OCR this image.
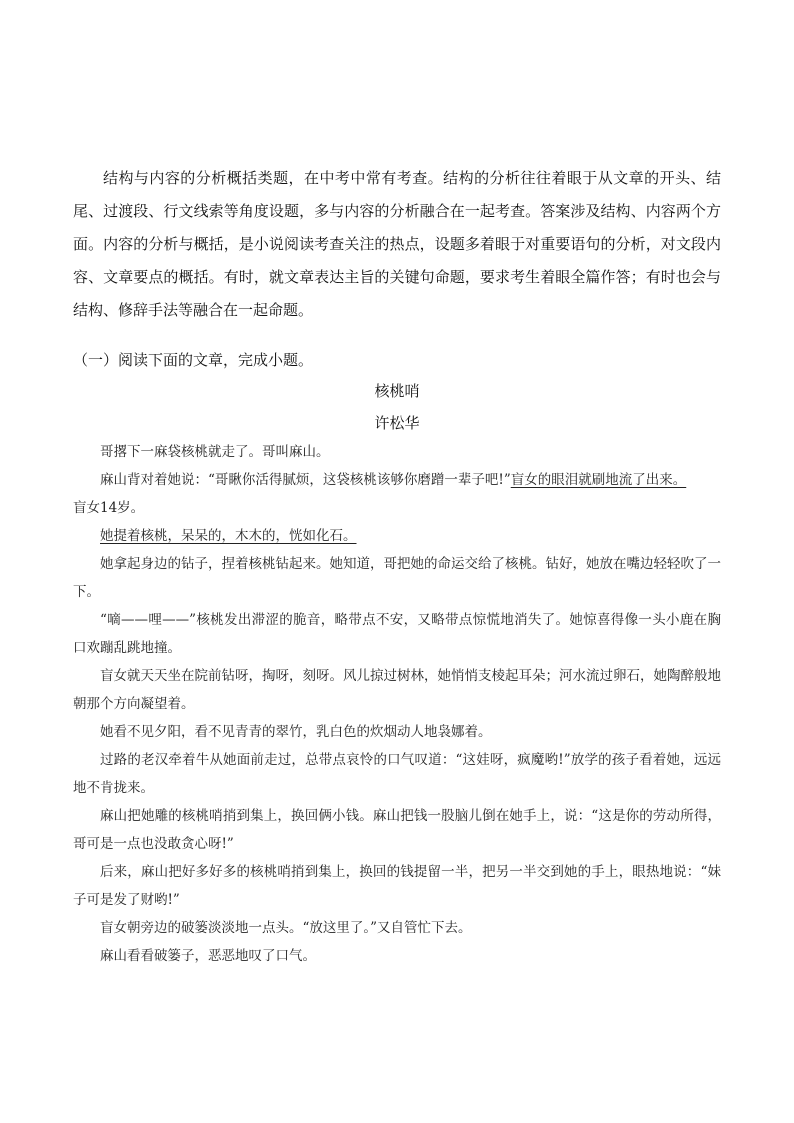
结构与内容的分析概括类题，在中考中常有考查。结构的分析往往着眼于从文章的开头、结尾、过渡段、行文线索等角度设题，多与内容的分析融合在一起考查。答案涉及结构、内容两个方面。内容的分析与概括，是小说阅读考查关注的热点，设题多着眼于对重要语句的分析，对文段内容、文章要点的概括。有时，就文章表达主旨的关键句命题，要求考生着眼全篇作答；有时也会与结构、修辞手法等融合在一起命题。

（一）阅读下面的文章，完成小题。

核桃哨

许松华

哥撂下一麻袋核桃就走了。哥叫麻山。

麻山背对着她说：“哥瞅你活得腻烦，这袋核桃该够你磨蹭一辈子吧!”盲女的眼泪就刷地流了出来。

盲女14岁。

她提着核桃，呆呆的，木木的，恍如化石。

她拿起身边的钻子，捏着核桃钻起来。她知道，哥把她的命运交给了核桃。钻好，她放在嘴边轻轻吹了一下。

“嘀——哩——”核桃发出滞涩的脆音，略带点不安，又略带点惊慌地消失了。她惊喜得像一头小鹿在胸口欢蹦乱跳地撞。

盲女就天天坐在院前钻呀，掏呀，刻呀。风儿掠过树林，她悄悄支棱起耳朵；河水流过卵石，她陶醉般地朝那个方向凝望着。

她看不见夕阳，看不见青青的翠竹，乳白色的炊烟动人地袅娜着。

过路的老汉牵着牛从她面前走过，总带点哀怜的口气叹道：“这娃呀，疯魔哟!”放学的孩子看着她，远远地不肯拢来。

麻山把她雕的核桃哨捎到集上，换回俩小钱。麻山把钱一股脑儿倒在她手上，说：“这是你的劳动所得，哥可是一点也没敢贪心呀!”

后来，麻山把好多好多的核桃哨捎到集上，换回的钱提留一半，把另一半交到她的手上，眼热地说：“妹子可是发了财哟!”

盲女朝旁边的破篓淡淡地一点头。“放这里了。”又自管忙下去。

麻山看看破篓子，恶恶地叹了口气。
